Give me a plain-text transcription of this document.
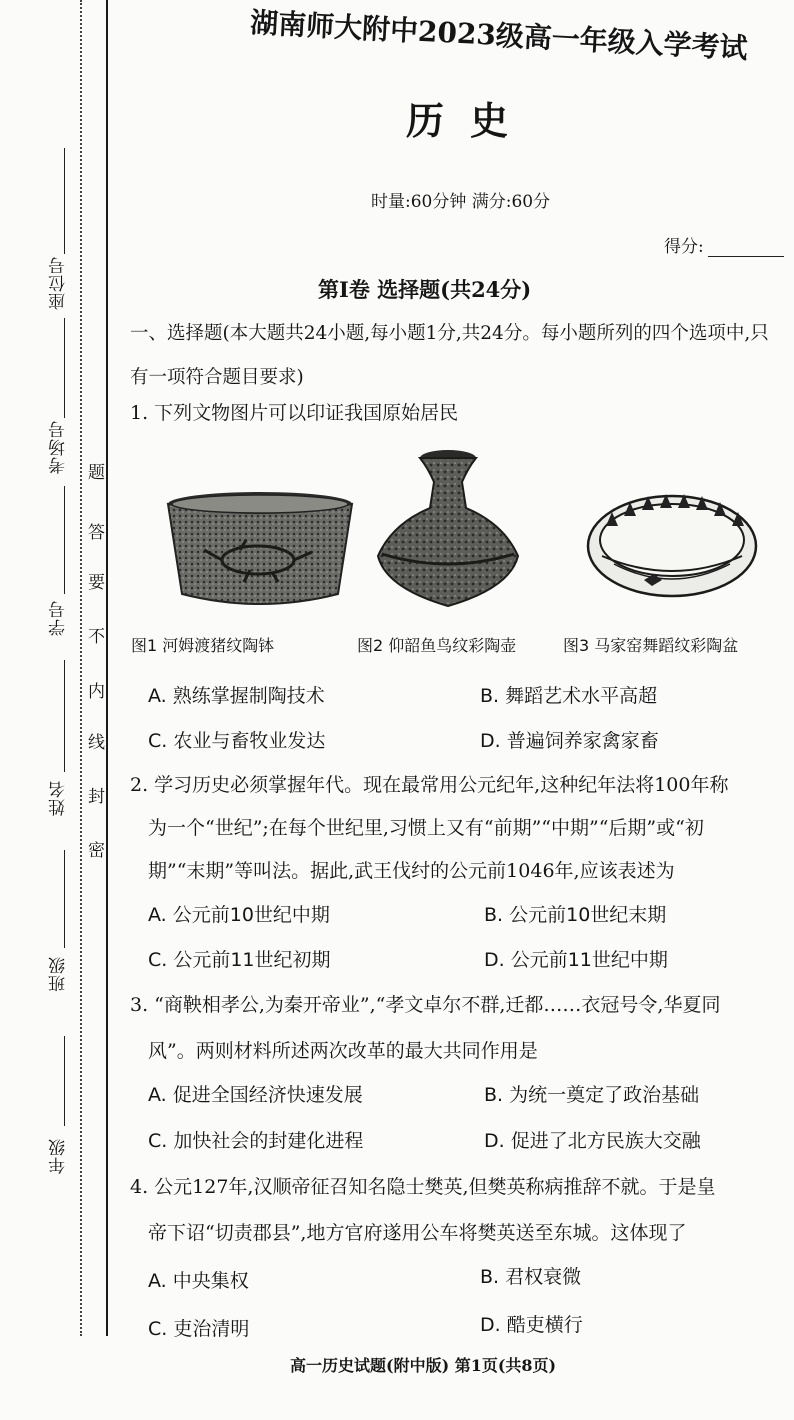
座位号
考场号
学号
姓名
班级
年级
题
答
要
不
内
线
封
密
湖南师大附中2023级高一年级入学考试
历史
时量:60分钟 满分:60分
得分:
第Ⅰ卷 选择题(共24分)
一、选择题(本大题共24小题,每小题1分,共24分。每小题所列的四个选项中,只有一项符合题目要求)
1. 下列文物图片可以印证我国原始居民
图1 河姆渡猪纹陶钵	图2 仰韶鱼鸟纹彩陶壶	图3 马家窑舞蹈纹彩陶盆
A. 熟练掌握制陶技术	B. 舞蹈艺术水平高超
C. 农业与畜牧业发达	D. 普遍饲养家禽家畜
2. 学习历史必须掌握年代。现在最常用公元纪年,这种纪年法将100年称
为一个“世纪”;在每个世纪里,习惯上又有“前期”“中期”“后期”或“初
期”“末期”等叫法。据此,武王伐纣的公元前1046年,应该表述为
A. 公元前10世纪中期	B. 公元前10世纪末期
C. 公元前11世纪初期	D. 公元前11世纪中期
3. “商鞅相孝公,为秦开帝业”,“孝文卓尔不群,迁都……衣冠号令,华夏同
风”。两则材料所述两次改革的最大共同作用是
A. 促进全国经济快速发展	B. 为统一奠定了政治基础
C. 加快社会的封建化进程	D. 促进了北方民族大交融
4. 公元127年,汉顺帝征召知名隐士樊英,但樊英称病推辞不就。于是皇
帝下诏“切责郡县”,地方官府遂用公车将樊英送至东城。这体现了
A. 中央集权	B. 君权衰微
C. 吏治清明	D. 酷吏横行
高一历史试题(附中版) 第1页(共8页)
